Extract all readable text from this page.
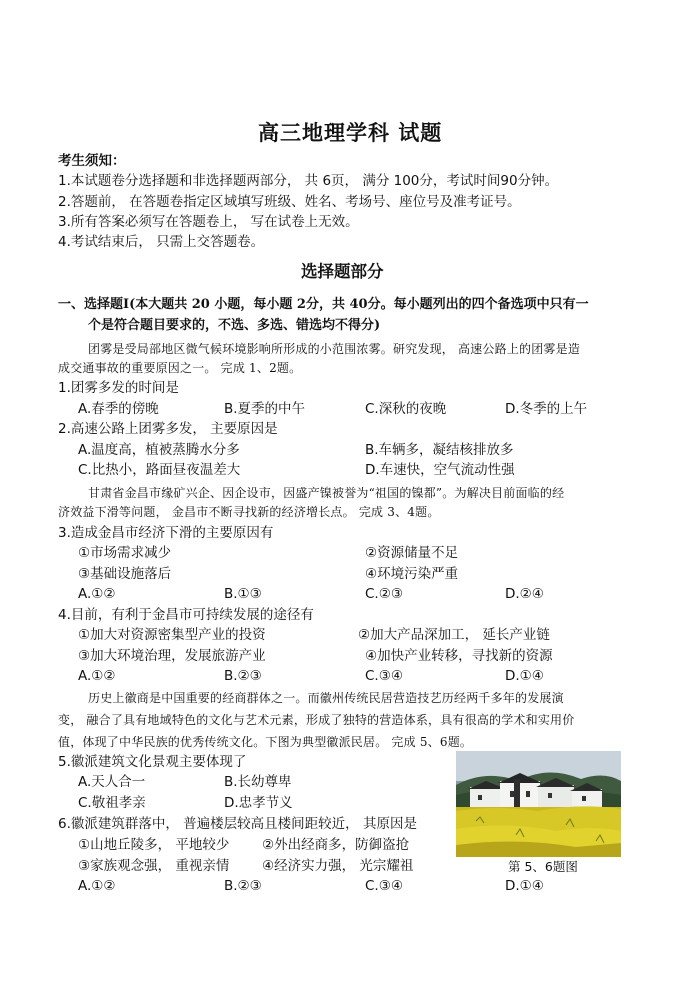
高三地理学科 试题
考生须知：
1.本试题卷分选择题和非选择题两部分， 共 6页， 满分 100分，考试时间90分钟。
2.答题前， 在答题卷指定区域填写班级、姓名、考场号、座位号及准考证号。
3.所有答案必须写在答题卷上， 写在试卷上无效。
4.考试结束后， 只需上交答题卷。
选择题部分
一、选择题Ⅰ(本大题共 20 小题，每小题 2分，共 40分。每小题列出的四个备选项中只有一
个是符合题目要求的，不选、多选、错选均不得分)
团雾是受局部地区微气候环境影响所形成的小范围浓雾。研究发现， 高速公路上的团雾是造
成交通事故的重要原因之一。 完成 1、2题。
1.团雾多发的时间是
A.春季的傍晚	B.夏季的中午	C.深秋的夜晚	D.冬季的上午
2.高速公路上团雾多发， 主要原因是
A.温度高，植被蒸腾水分多	B.车辆多，凝结核排放多
C.比热小，路面昼夜温差大	D.车速快，空气流动性强
甘肃省金昌市缘矿兴企、因企设市，因盛产镍被誉为“祖国的镍都”。为解决目前面临的经
济效益下滑等问题， 金昌市不断寻找新的经济增长点。 完成 3、4题。
3.造成金昌市经济下滑的主要原因有
①市场需求减少	②资源储量不足
③基础设施落后	④环境污染严重
A.①②	B.①③	C.②③	D.②④
4.目前，有利于金昌市可持续发展的途径有
①加大对资源密集型产业的投资	②加大产品深加工， 延长产业链
③加大环境治理，发展旅游产业	④加快产业转移，寻找新的资源
A.①②	B.②③	C.③④	D.①④
历史上徽商是中国重要的经商群体之一。而徽州传统民居营造技艺历经两千多年的发展演
变， 融合了具有地域特色的文化与艺术元素，形成了独特的营造体系，具有很高的学术和实用价
值，体现了中华民族的优秀传统文化。下图为典型徽派民居。 完成 5、6题。
5.徽派建筑文化景观主要体现了
A.天人合一	B.长幼尊卑
C.敬祖孝亲	D.忠孝节义
6.徽派建筑群落中， 普遍楼层较高且楼间距较近， 其原因是
①山地丘陵多， 平地较少 ②外出经商多，防御盗抢
③家族观念强， 重视亲情 ④经济实力强， 光宗耀祖
A.①②	B.②③	C.③④	D.①④
第 5、6题图
